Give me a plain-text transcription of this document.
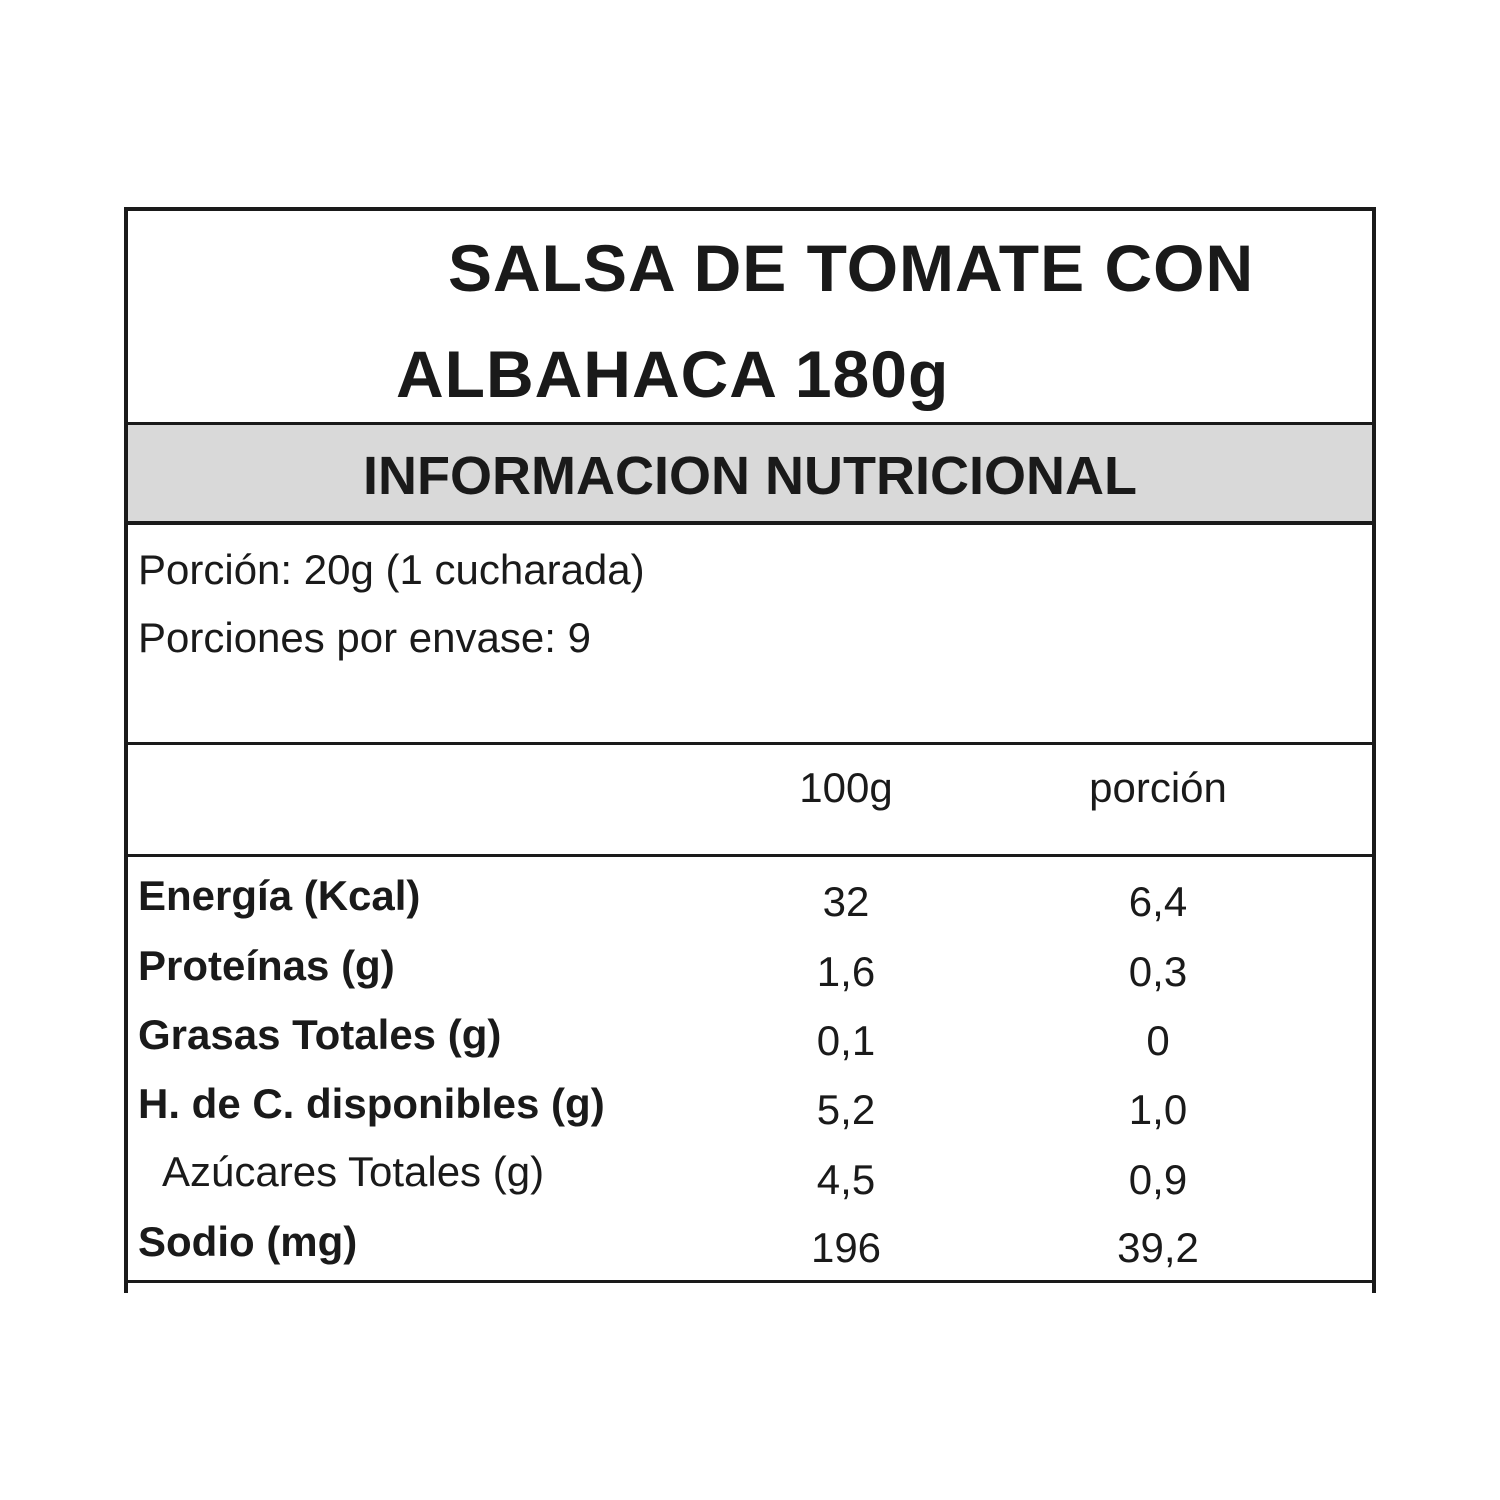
SALSA DE TOMATE CON
ALBAHACA 180g
INFORMACION NUTRICIONAL
Porción: 20g (1 cucharada)
Porciones por envase: 9
100g	porción
Energía (Kcal)	32	6,4
Proteínas (g)	1,6	0,3
Grasas Totales (g)	0,1	0
H. de C. disponibles (g)	5,2	1,0
Azúcares Totales (g)	4,5	0,9
Sodio (mg)	196	39,2
